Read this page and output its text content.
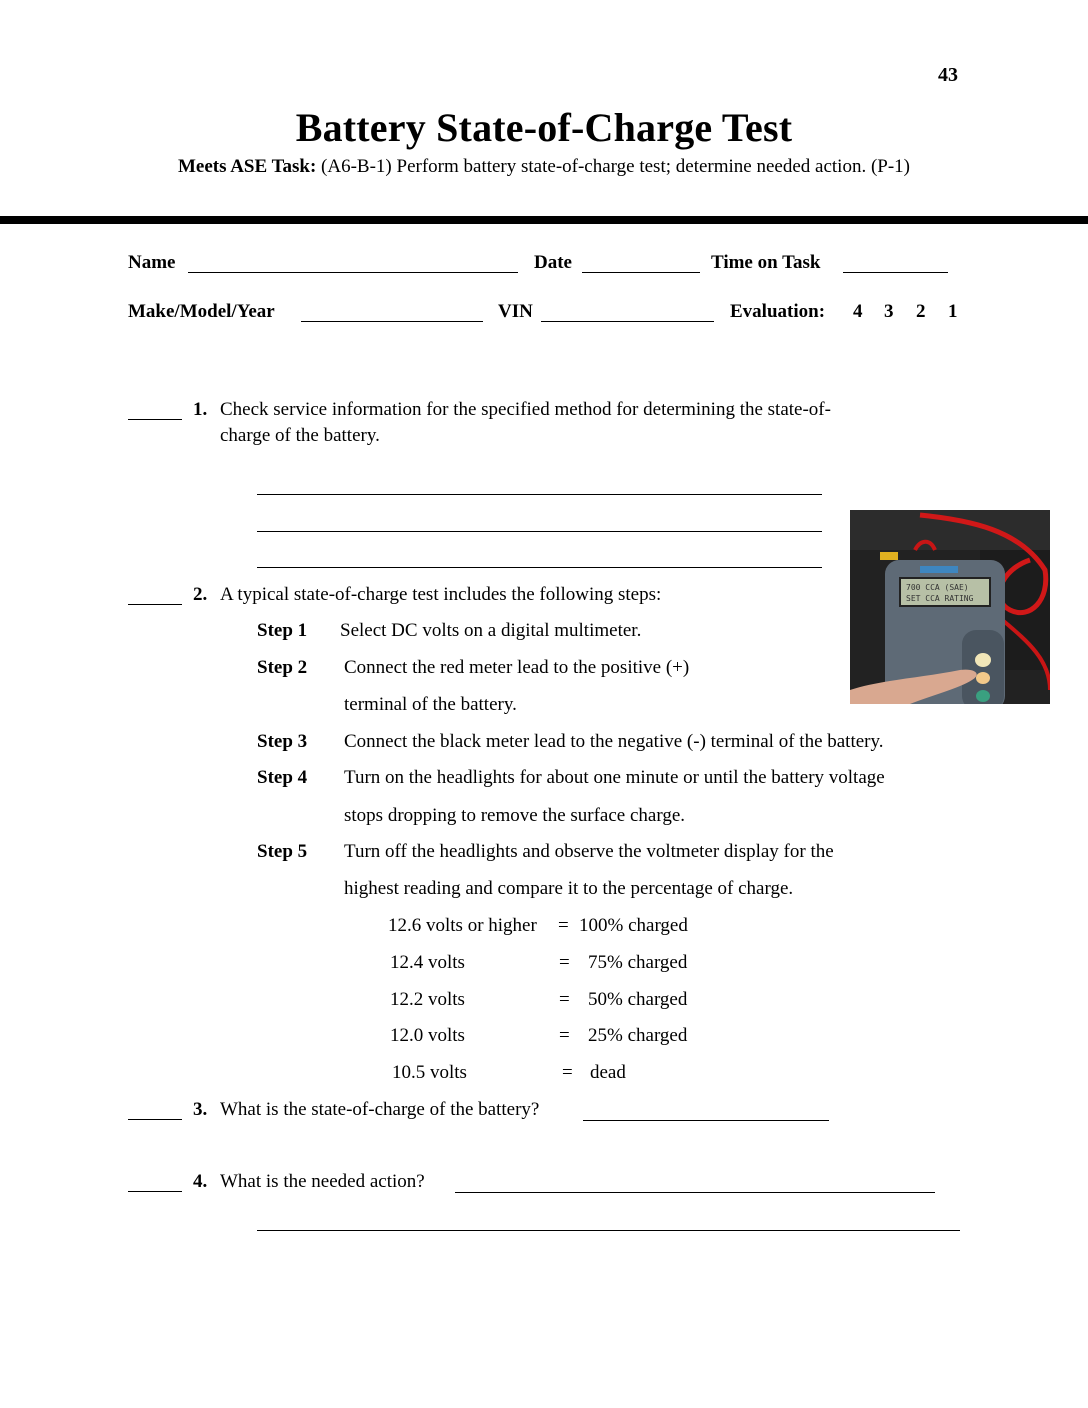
43
Battery State-of-Charge Test
Meets ASE Task: (A6-B-1) Perform battery state-of-charge test; determine needed action. (P-1)
Name	Date	Time on Task
Make/Model/Year	VIN	Evaluation: 4 3 2 1
1. Check service information for the specified method for determining the state-of-
charge of the battery.
700 CCA (SAE)
SET CCA RATING
2. A typical state-of-charge test includes the following steps:
Step 1 Select DC volts on a digital multimeter.
Step 2 Connect the red meter lead to the positive (+)
terminal of the battery.
Step 3 Connect the black meter lead to the negative (-) terminal of the battery.
Step 4 Turn on the headlights for about one minute or until the battery voltage
stops dropping to remove the surface charge.
Step 5 Turn off the headlights and observe the voltmeter display for the
highest reading and compare it to the percentage of charge.
12.6 volts or higher = 100% charged
12.4 volts	= 75% charged
12.2 volts	= 50% charged
12.0 volts	= 25% charged
10.5 volts	= dead
3. What is the state-of-charge of the battery?
4. What is the needed action?
